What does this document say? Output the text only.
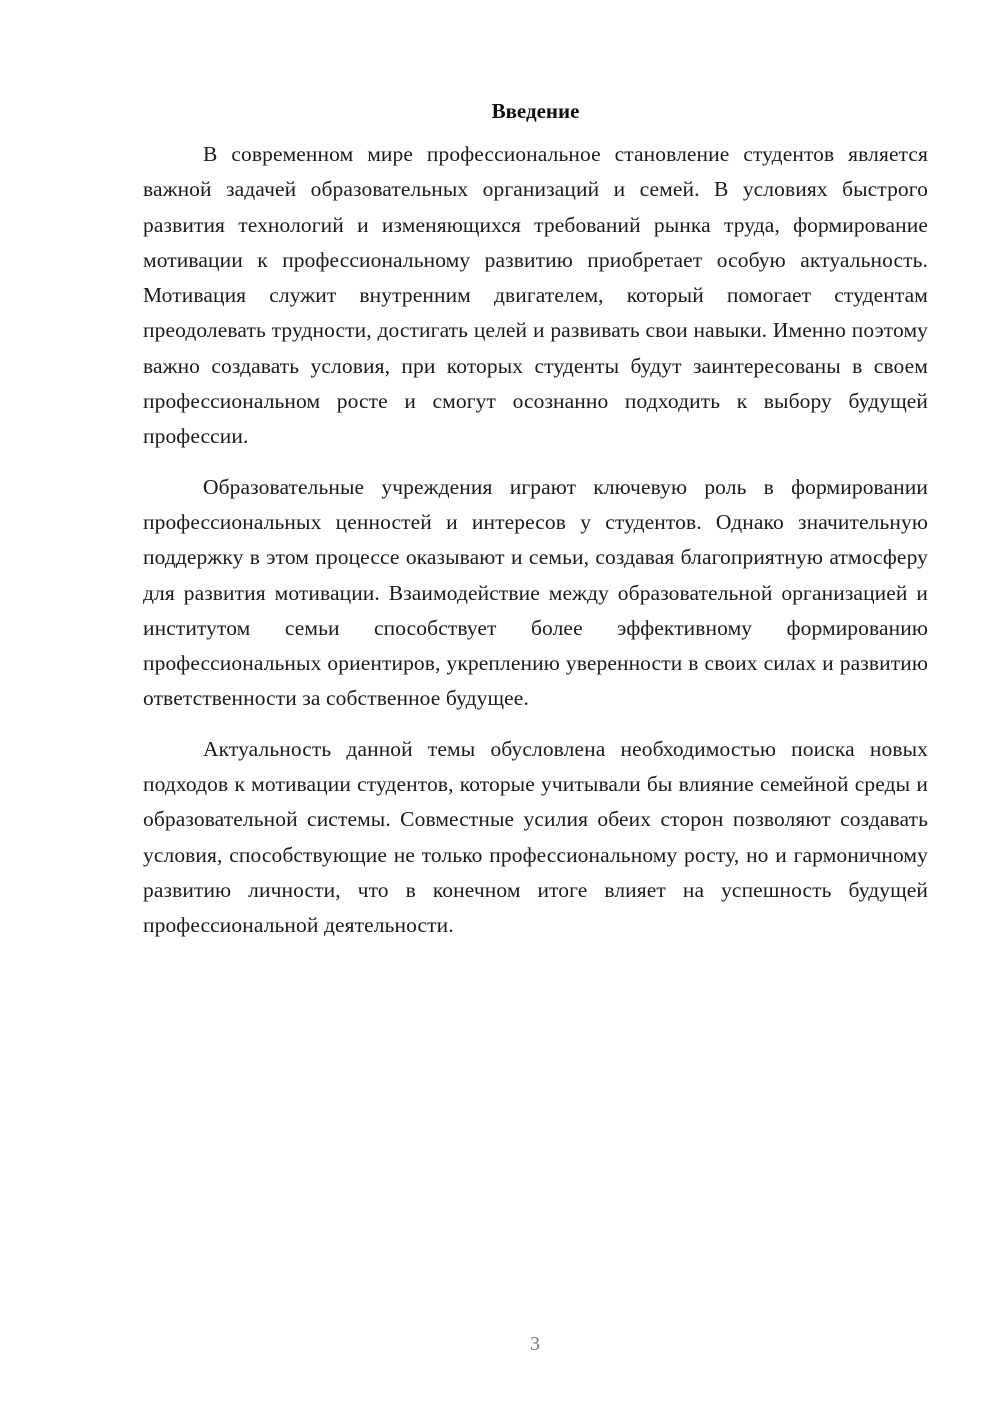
Введение

В современном мире профессиональное становление студентов является важной задачей образовательных организаций и семей. В условиях быстрого развития технологий и изменяющихся требований рынка труда, формирование мотивации к профессиональному развитию приобретает особую актуальность. Мотивация служит внутренним двигателем, который помогает студентам преодолевать трудности, достигать целей и развивать свои навыки. Именно поэтому важно создавать условия, при которых студенты будут заинтересованы в своем профессиональном росте и смогут осознанно подходить к выбору будущей профессии.

Образовательные учреждения играют ключевую роль в формировании профессиональных ценностей и интересов у студентов. Однако значительную поддержку в этом процессе оказывают и семьи, создавая благоприятную атмосферу для развития мотивации. Взаимодействие между образовательной организацией и институтом семьи способствует более эффективному формированию профессиональных ориентиров, укреплению уверенности в своих силах и развитию ответственности за собственное будущее.

Актуальность данной темы обусловлена необходимостью поиска новых подходов к мотивации студентов, которые учитывали бы влияние семейной среды и образовательной системы. Совместные усилия обеих сторон позволяют создавать условия, способствующие не только профессиональному росту, но и гармоничному развитию личности, что в конечном итоге влияет на успешность будущей профессиональной деятельности.

3
